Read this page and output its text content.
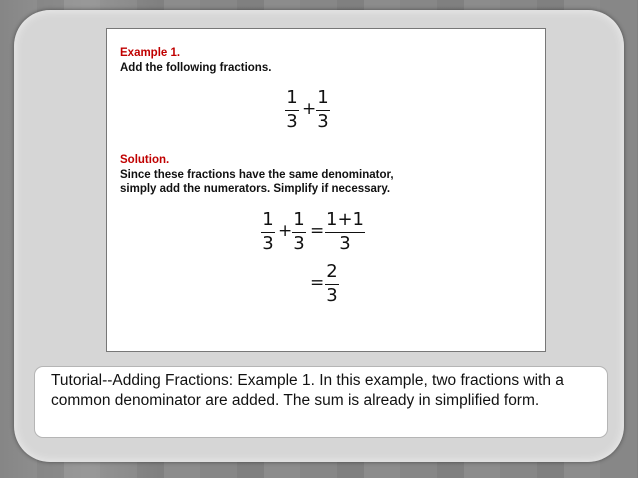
Example 1.
Add the following fractions.
1
3
+
1
3
Solution.
Since these fractions have the same denominator,
simply add the numerators. Simplify if necessary.
1
3
+
1
3
=
1+1
3
=
2
3
Tutorial--Adding Fractions: Example 1. In this example, two fractions with a common denominator are added. The sum is already in simplified form.
